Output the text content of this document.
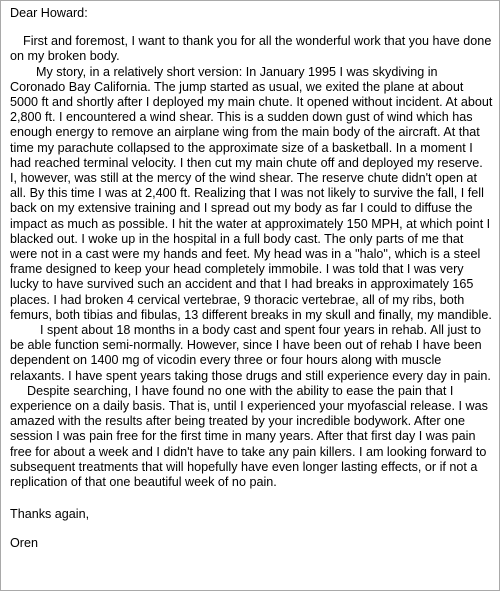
Dear Howard:

First and foremost, I want to thank you for all the wonderful work that you have done on my broken body.

My story, in a relatively short version: In January 1995 I was skydiving in Coronado Bay California. The jump started as usual, we exited the plane at about 5000 ft and shortly after I deployed my main chute. It opened without incident. At about 2,800 ft. I encountered a wind shear. This is a sudden down gust of wind which has enough energy to remove an airplane wing from the main body of the aircraft. At that time my parachute collapsed to the approximate size of a basketball. In a moment I had reached terminal velocity. I then cut my main chute off and deployed my reserve. I, however, was still at the mercy of the wind shear. The reserve chute didn't open at all. By this time I was at 2,400 ft. Realizing that I was not likely to survive the fall, I fell back on my extensive training and I spread out my body as far I could to diffuse the impact as much as possible. I hit the water at approximately 150 MPH, at which point I blacked out. I woke up in the hospital in a full body cast. The only parts of me that were not in a cast were my hands and feet. My head was in a "halo", which is a steel frame designed to keep your head completely immobile. I was told that I was very lucky to have survived such an accident and that I had breaks in approximately 165 places. I had broken 4 cervical vertebrae, 9 thoracic vertebrae, all of my ribs, both femurs, both tibias and fibulas, 13 different breaks in my skull and finally, my mandible.

I spent about 18 months in a body cast and spent four years in rehab. All just to be able function semi-normally. However, since I have been out of rehab I have been dependent on 1400 mg of vicodin every three or four hours along with muscle relaxants. I have spent years taking those drugs and still experience every day in pain.

Despite searching, I have found no one with the ability to ease the pain that I experience on a daily basis. That is, until I experienced your myofascial release. I was amazed with the results after being treated by your incredible bodywork. After one session I was pain free for the first time in many years. After that first day I was pain free for about a week and I didn't have to take any pain killers. I am looking forward to subsequent treatments that will hopefully have even longer lasting effects, or if not a replication of that one beautiful week of no pain.

Thanks again,

Oren
